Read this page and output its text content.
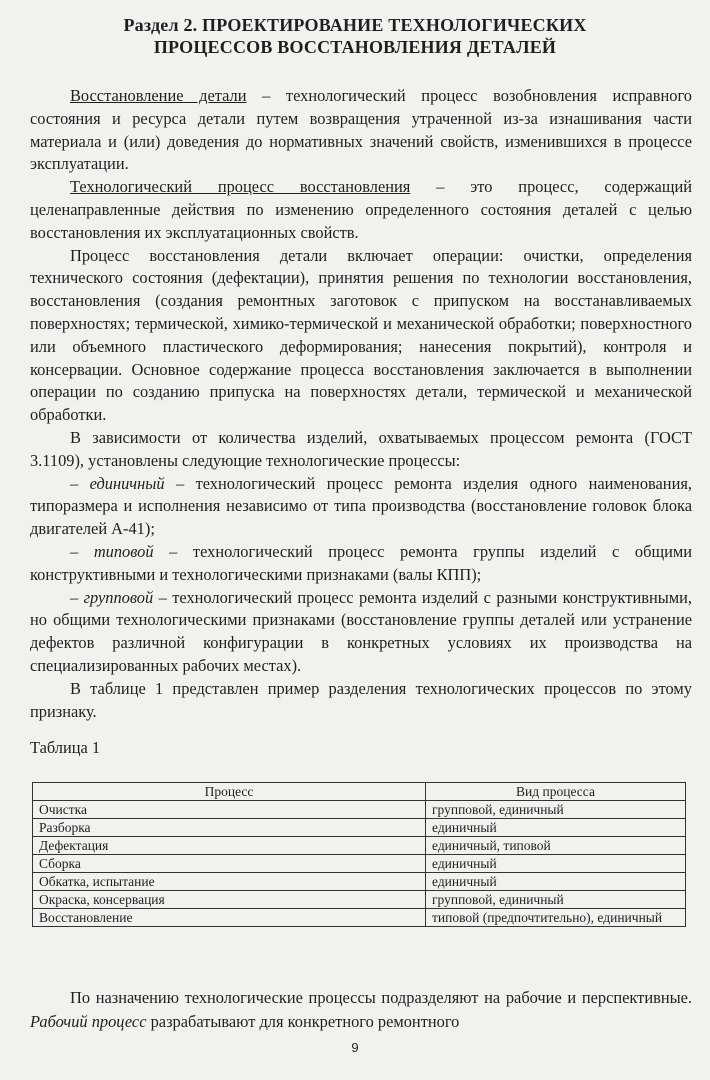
Раздел 2. ПРОЕКТИРОВАНИЕ ТЕХНОЛОГИЧЕСКИХ
ПРОЦЕССОВ ВОССТАНОВЛЕНИЯ ДЕТАЛЕЙ

Восстановление детали – технологический процесс возобновления исправного состояния и ресурса детали путем возвращения утраченной из-за изнашивания части материала и (или) доведения до нормативных значений свойств, изменившихся в процессе эксплуатации.

Технологический процесс восстановления – это процесс, содержащий целенаправленные действия по изменению определенного состояния деталей с целью восстановления их эксплуатационных свойств.

Процесс восстановления детали включает операции: очистки, определения технического состояния (дефектации), принятия решения по технологии восстановления, восстановления (создания ремонтных заготовок с припуском на восстанавливаемых поверхностях; термической, химико-термической и механической обработки; поверхностного или объемного пластического деформирования; нанесения покрытий), контроля и консервации. Основное содержание процесса восстановления заключается в выполнении операции по созданию припуска на поверхностях детали, термической и механической обработки.

В зависимости от количества изделий, охватываемых процессом ремонта (ГОСТ 3.1109), установлены следующие технологические процессы:

– единичный – технологический процесс ремонта изделия одного наименования, типоразмера и исполнения независимо от типа производства (восстановление головок блока двигателей А-41);

– типовой – технологический процесс ремонта группы изделий с общими конструктивными и технологическими признаками (валы КПП);

– групповой – технологический процесс ремонта изделий с разными конструктивными, но общими технологическими признаками (восстановление группы деталей или устранение дефектов различной конфигурации в конкретных условиях их производства на специализированных рабочих местах).

В таблице 1 представлен пример разделения технологических процессов по этому признаку.

Таблица 1
Процесс	Вид процесса
Очистка	групповой, единичный
Разборка	единичный
Дефектация	единичный, типовой
Сборка	единичный
Обкатка, испытание	единичный
Окраска, консервация	групповой, единичный
Восстановление	типовой (предпочтительно), единичный

По назначению технологические процессы подразделяют на рабочие и перспективные. Рабочий процесс разрабатывают для конкретного ремонтного

9
